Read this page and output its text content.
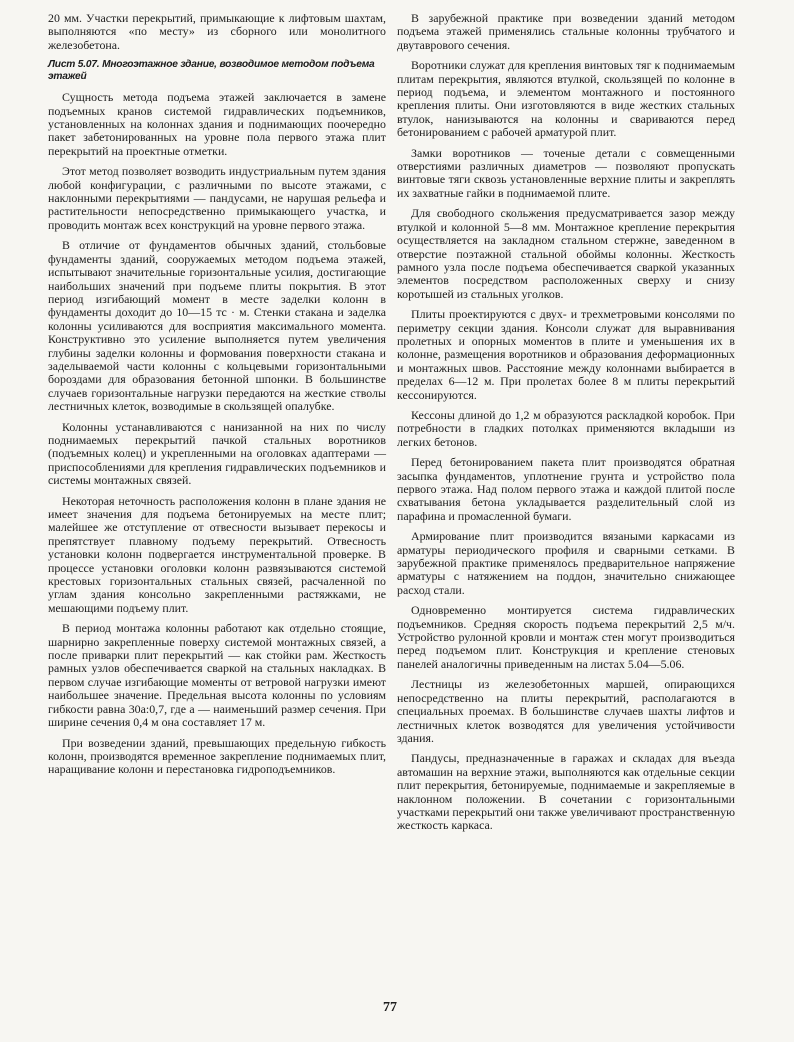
20 мм. Участки перекрытий, примыкающие к лифтовым шахтам, выполняются «по месту» из сборного или монолитного железобетона.

Лист 5.07. Многоэтажное здание, возводимое методом подъема этажей

Сущность метода подъема этажей заключается в замене подъемных кранов системой гидравлических подъемников, установленных на колоннах здания и поднимающих поочередно пакет забетонированных на уровне пола первого этажа плит перекрытий на проектные отметки.

Этот метод позволяет возводить индустриальным путем здания любой конфигурации, с различными по высоте этажами, с наклонными перекрытиями — пандусами, не нарушая рельефа и растительности непосредственно примыкающего участка, и проводить монтаж всех конструкций на уровне первого этажа.

В отличие от фундаментов обычных зданий, стольбовые фундаменты зданий, сооружаемых методом подъема этажей, испытывают значительные горизонтальные усилия, достигающие наибольших значений при подъеме плиты покрытия. В этот период изгибающий момент в месте заделки колонн в фундаменты доходит до 10—15 тс · м. Стенки стакана и заделка колонны усиливаются для восприятия максимального момента. Конструктивно это усиление выполняется путем увеличения глубины заделки колонны и формования поверхности стакана и заделываемой части колонны с кольцевыми горизонтальными бороздами для образования бетонной шпонки. В большинстве случаев горизонтальные нагрузки передаются на жесткие стволы лестничных клеток, возводимые в скользящей опалубке.

Колонны устанавливаются с нанизанной на них по числу поднимаемых перекрытий пачкой стальных воротников (подъемных колец) и укрепленными на оголовках адаптерами — приспособлениями для крепления гидравлических подъемников и системы монтажных связей.

Некоторая неточность расположения колонн в плане здания не имеет значения для подъема бетонируемых на месте плит; малейшее же отступление от отвесности вызывает перекосы и препятствует плавному подъему перекрытий. Отвесность установки колонн подвергается инструментальной проверке. В процессе установки оголовки колонн развязываются системой крестовых горизонтальных стальных связей, расчаленной по углам здания консольно закрепленными растяжками, не мешающими подъему плит.

В период монтажа колонны работают как отдельно стоящие, шарнирно закрепленные поверху системой монтажных связей, а после приварки плит перекрытий — как стойки рам. Жесткость рамных узлов обеспечивается сваркой на стальных накладках. В первом случае изгибающие моменты от ветровой нагрузки имеют наибольшее значение. Предельная высота колонны по условиям гибкости равна 30a:0,7, где a — наименьший размер сечения. При ширине сечения 0,4 м она составляет 17 м.

При возведении зданий, превышающих предельную гибкость колонн, производятся временное закрепление поднимаемых плит, наращивание колонн и перестановка гидроподъемников.

В зарубежной практике при возведении зданий методом подъема этажей применялись стальные колонны трубчатого и двутаврового сечения.

Воротники служат для крепления винтовых тяг к поднимаемым плитам перекрытия, являются втулкой, скользящей по колонне в период подъема, и элементом монтажного и постоянного крепления плиты. Они изготовляются в виде жестких стальных втулок, нанизываются на колонны и свариваются перед бетонированием с рабочей арматурой плит.

Замки воротников — точеные детали с совмещенными отверстиями различных диаметров — позволяют пропускать винтовые тяги сквозь установленные верхние плиты и закреплять их захватные гайки в поднимаемой плите.

Для свободного скольжения предусматривается зазор между втулкой и колонной 5—8 мм. Монтажное крепление перекрытия осуществляется на закладном стальном стержне, заведенном в отверстие поэтажной стальной обоймы колонны. Жесткость рамного узла после подъема обеспечивается сваркой указанных элементов посредством расположенных сверху и снизу коротышей из стальных уголков.

Плиты проектируются с двух- и трехметровыми консолями по периметру секции здания. Консоли служат для выравнивания пролетных и опорных моментов в плите и уменьшения их в колонне, размещения воротников и образования деформационных и монтажных швов. Расстояние между колоннами выбирается в пределах 6—12 м. При пролетах более 8 м плиты перекрытий кессонируются.

Кессоны длиной до 1,2 м образуются раскладкой коробок. При потребности в гладких потолках применяются вкладыши из легких бетонов.

Перед бетонированием пакета плит производятся обратная засыпка фундаментов, уплотнение грунта и устройство пола первого этажа. Над полом первого этажа и каждой плитой после схватывания бетона укладывается разделительный слой из парафина и промасленной бумаги.

Армирование плит производится вязаными каркасами из арматуры периодического профиля и сварными сетками. В зарубежной практике применялось предварительное напряжение арматуры с натяжением на поддон, значительно снижающее расход стали.

Одновременно монтируется система гидравлических подъемников. Средняя скорость подъема перекрытий 2,5 м/ч. Устройство рулонной кровли и монтаж стен могут производиться перед подъемом плит. Конструкция и крепление стеновых панелей аналогичны приведенным на листах 5.04—5.06.

Лестницы из железобетонных маршей, опирающихся непосредственно на плиты перекрытий, располагаются в специальных проемах. В большинстве случаев шахты лифтов и лестничных клеток возводятся для увеличения устойчивости здания.

Пандусы, предназначенные в гаражах и складах для въезда автомашин на верхние этажи, выполняются как отдельные секции плит перекрытия, бетонируемые, поднимаемые и закрепляемые в наклонном положении. В сочетании с горизонтальными участками перекрытий они также увеличивают пространственную жесткость каркаса.

77
